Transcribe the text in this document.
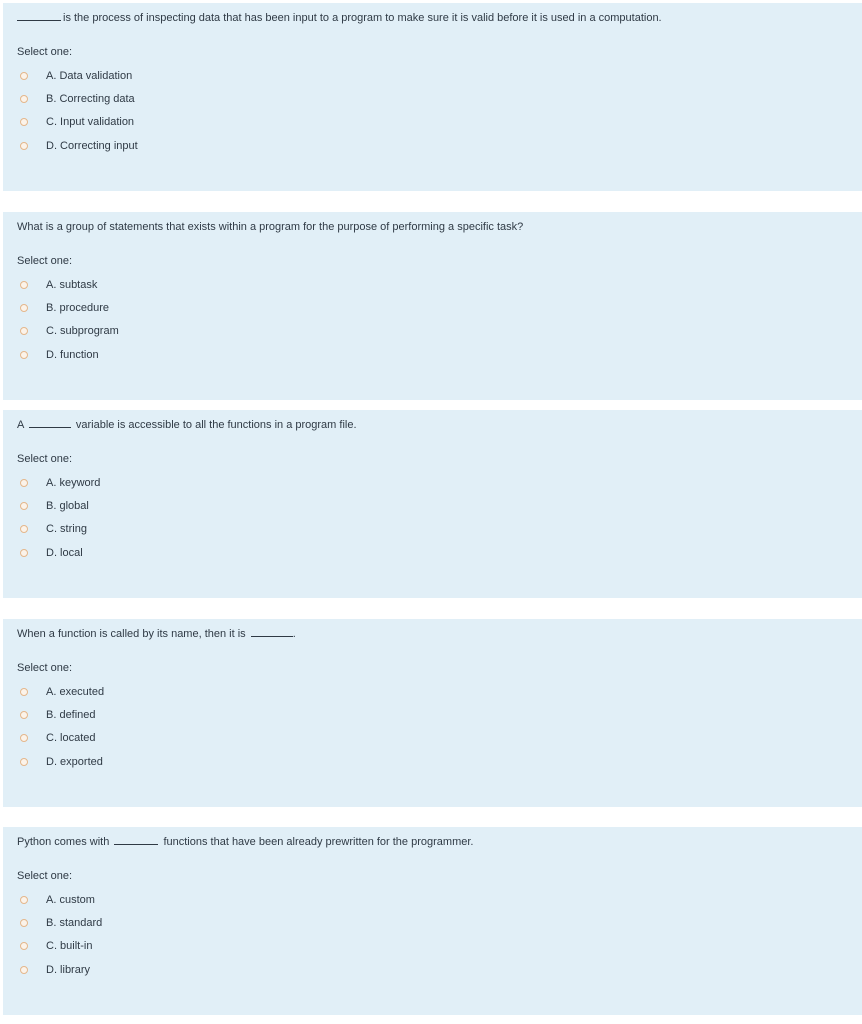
is the process of inspecting data that has been input to a program to make sure it is valid before it is used in a computation.
Select one:
A. Data validation
B. Correcting data
C. Input validation
D. Correcting input
What is a group of statements that exists within a program for the purpose of performing a specific task?
Select one:
A. subtask
B. procedure
C. subprogram
D. function
A	variable is accessible to all the functions in a program file.
Select one:
A. keyword
B. global
C. string
D. local
When a function is called by its name, then it is	.
Select one:
A. executed
B. defined
C. located
D. exported
Python comes with	functions that have been already prewritten for the programmer.
Select one:
A. custom
B. standard
C. built-in
D. library
